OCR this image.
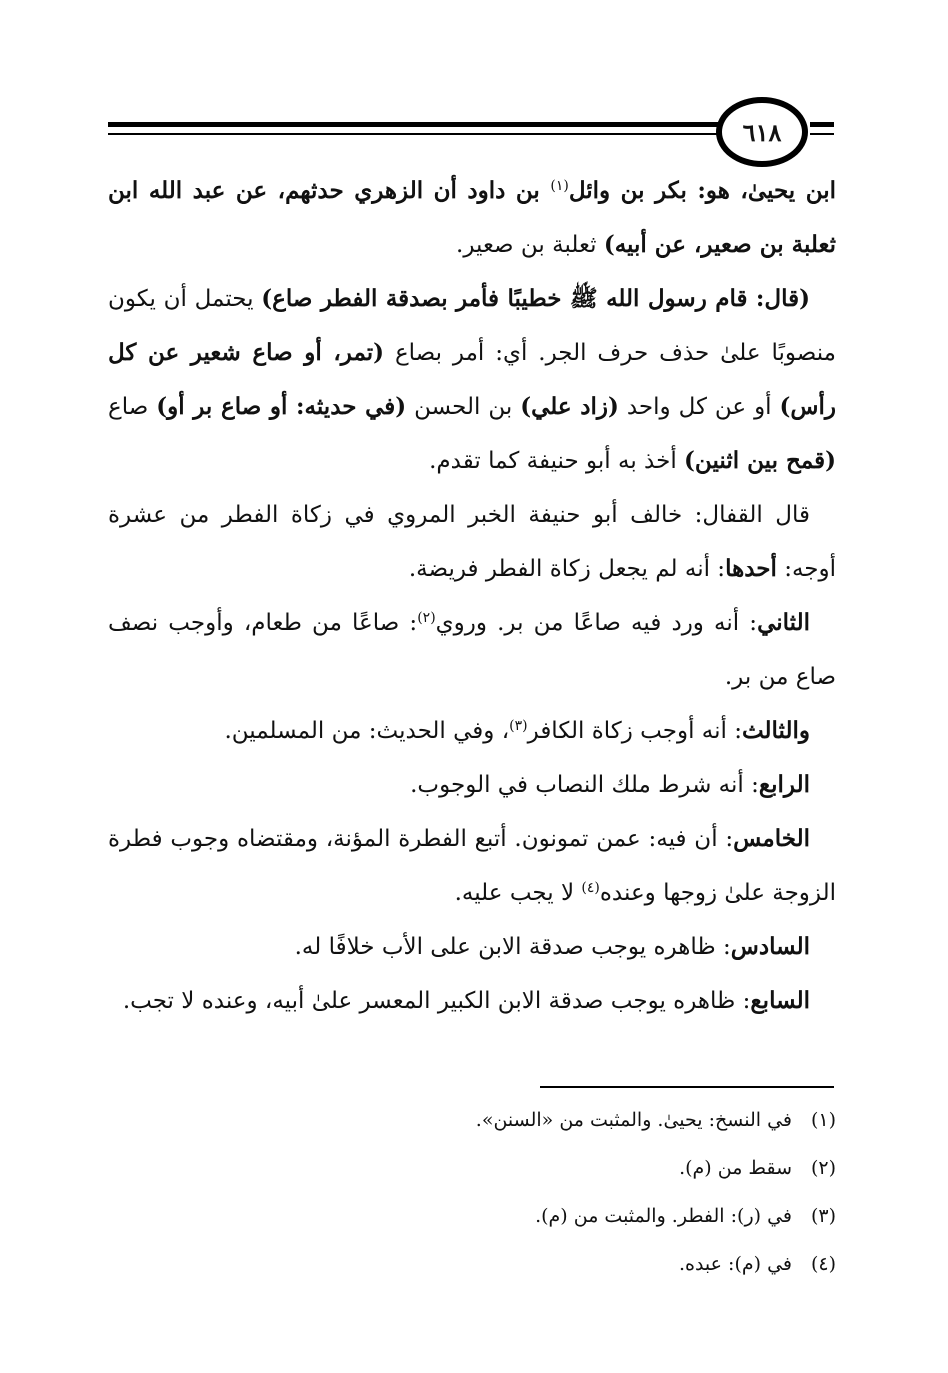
٦١٨

ابن يحيىٰ، هو: بكر بن وائل$^{(١)}$ بن داود أن الزهري حدثهم، عن عبد الله ابن ثعلبة بن صعير، عن أبيه) ثعلبة بن صعير.

(قال: قام رسول الله ﷺ خطيبًا فأمر بصدقة الفطر صاع) يحتمل أن يكون منصوبًا علىٰ حذف حرف الجر. أي: أمر بصاع (تمر، أو صاع شعير عن كل رأس) أو عن كل واحد (زاد علي) بن الحسن (في حديثه: أو صاع بر أو) صاع (قمح بين اثنين) أخذ به أبو حنيفة كما تقدم.

قال القفال: خالف أبو حنيفة الخبر المروي في زكاة الفطر من عشرة أوجه: أحدها: أنه لم يجعل زكاة الفطر فريضة.

الثاني: أنه ورد فيه صاعًا من بر. وروي$^{(٢)}$: صاعًا من طعام، وأوجب نصف صاع من بر.

والثالث: أنه أوجب زكاة الكافر$^{(٣)}$، وفي الحديث: من المسلمين.

الرابع: أنه شرط ملك النصاب في الوجوب.

الخامس: أن فيه: عمن تمونون. أتبع الفطرة المؤنة، ومقتضاه وجوب فطرة الزوجة علىٰ زوجها وعنده$^{(٤)}$ لا يجب عليه.

السادس: ظاهره يوجب صدقة الابن على الأب خلافًا له.

السابع: ظاهره يوجب صدقة الابن الكبير المعسر علىٰ أبيه، وعنده لا تجب.

(١)في النسخ: يحيىٰ. والمثبت من «السنن».

(٢)سقط من (م).

(٣)في (ر): الفطر. والمثبت من (م).

(٤)في (م): عبده.
